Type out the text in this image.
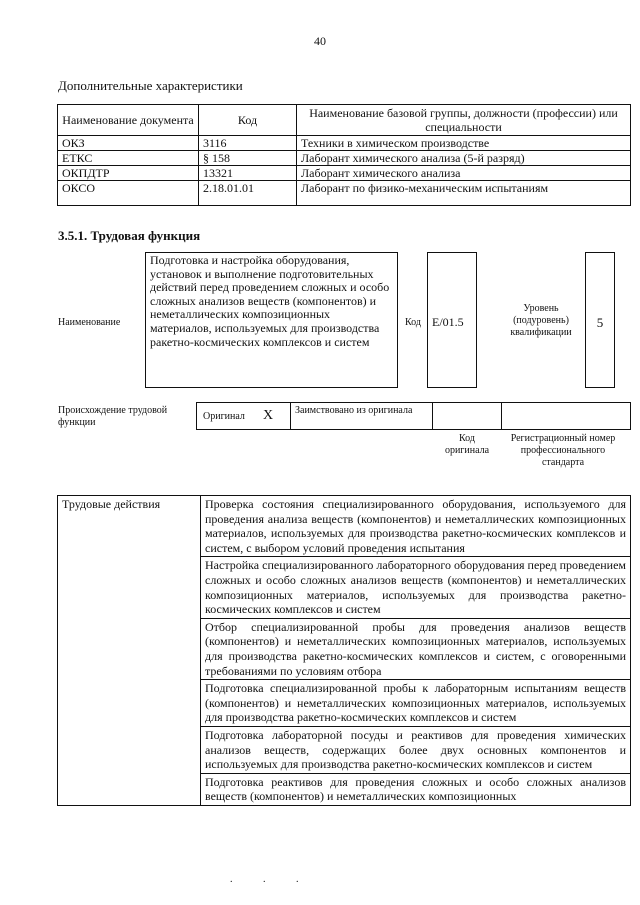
40
Дополнительные характеристики
Наименование документа	Код	Наименование базовой группы, должности (профессии) или специальности
ОКЗ	3116	Техники в химическом производстве
ЕТКС	§ 158	Лаборант химического анализа (5-й разряд)
ОКПДТР	13321	Лаборант химического анализа
ОКСО	2.18.01.01	Лаборант по физико-механическим испытаниям
3.5.1. Трудовая функция
Наименование
Подготовка и настройка оборудования, установок и выполнение подготовительных действий перед проведением сложных и особо сложных анализов веществ (компонентов) и неметаллических композиционных материалов, используемых для производства ракетно-космических комплексов и систем
Код E/01.5
Уровень (подуровень) квалификации
5
Происхождение трудовой функции
Оригинал X	Заимствовано из оригинала
Код оригинала
Регистрационный номер профессионального стандарта
Трудовые действия	Проверка состояния специализированного оборудования, используемого для проведения анализа веществ (компонентов) и неметаллических композиционных материалов, используемых для производства ракетно-космических комплексов и систем, с выбором условий проведения испытания
Настройка специализированного лабораторного оборудования перед проведением сложных и особо сложных анализов веществ (компонентов) и неметаллических композиционных материалов, используемых для производства ракетно-космических комплексов и систем
Отбор специализированной пробы для проведения анализов веществ (компонентов) и неметаллических композиционных материалов, используемых для производства ракетно-космических комплексов и систем, с оговоренными требованиями по условиям отбора
Подготовка специализированной пробы к лабораторным испытаниям веществ (компонентов) и неметаллических композиционных материалов, используемых для производства ракетно-космических комплексов и систем
Подготовка лабораторной посуды и реактивов для проведения химических анализов веществ, содержащих более двух основных компонентов и используемых для производства ракетно-космических комплексов и систем
Подготовка реактивов для проведения сложных и особо сложных анализов веществ (компонентов) и неметаллических композиционных
. . .
